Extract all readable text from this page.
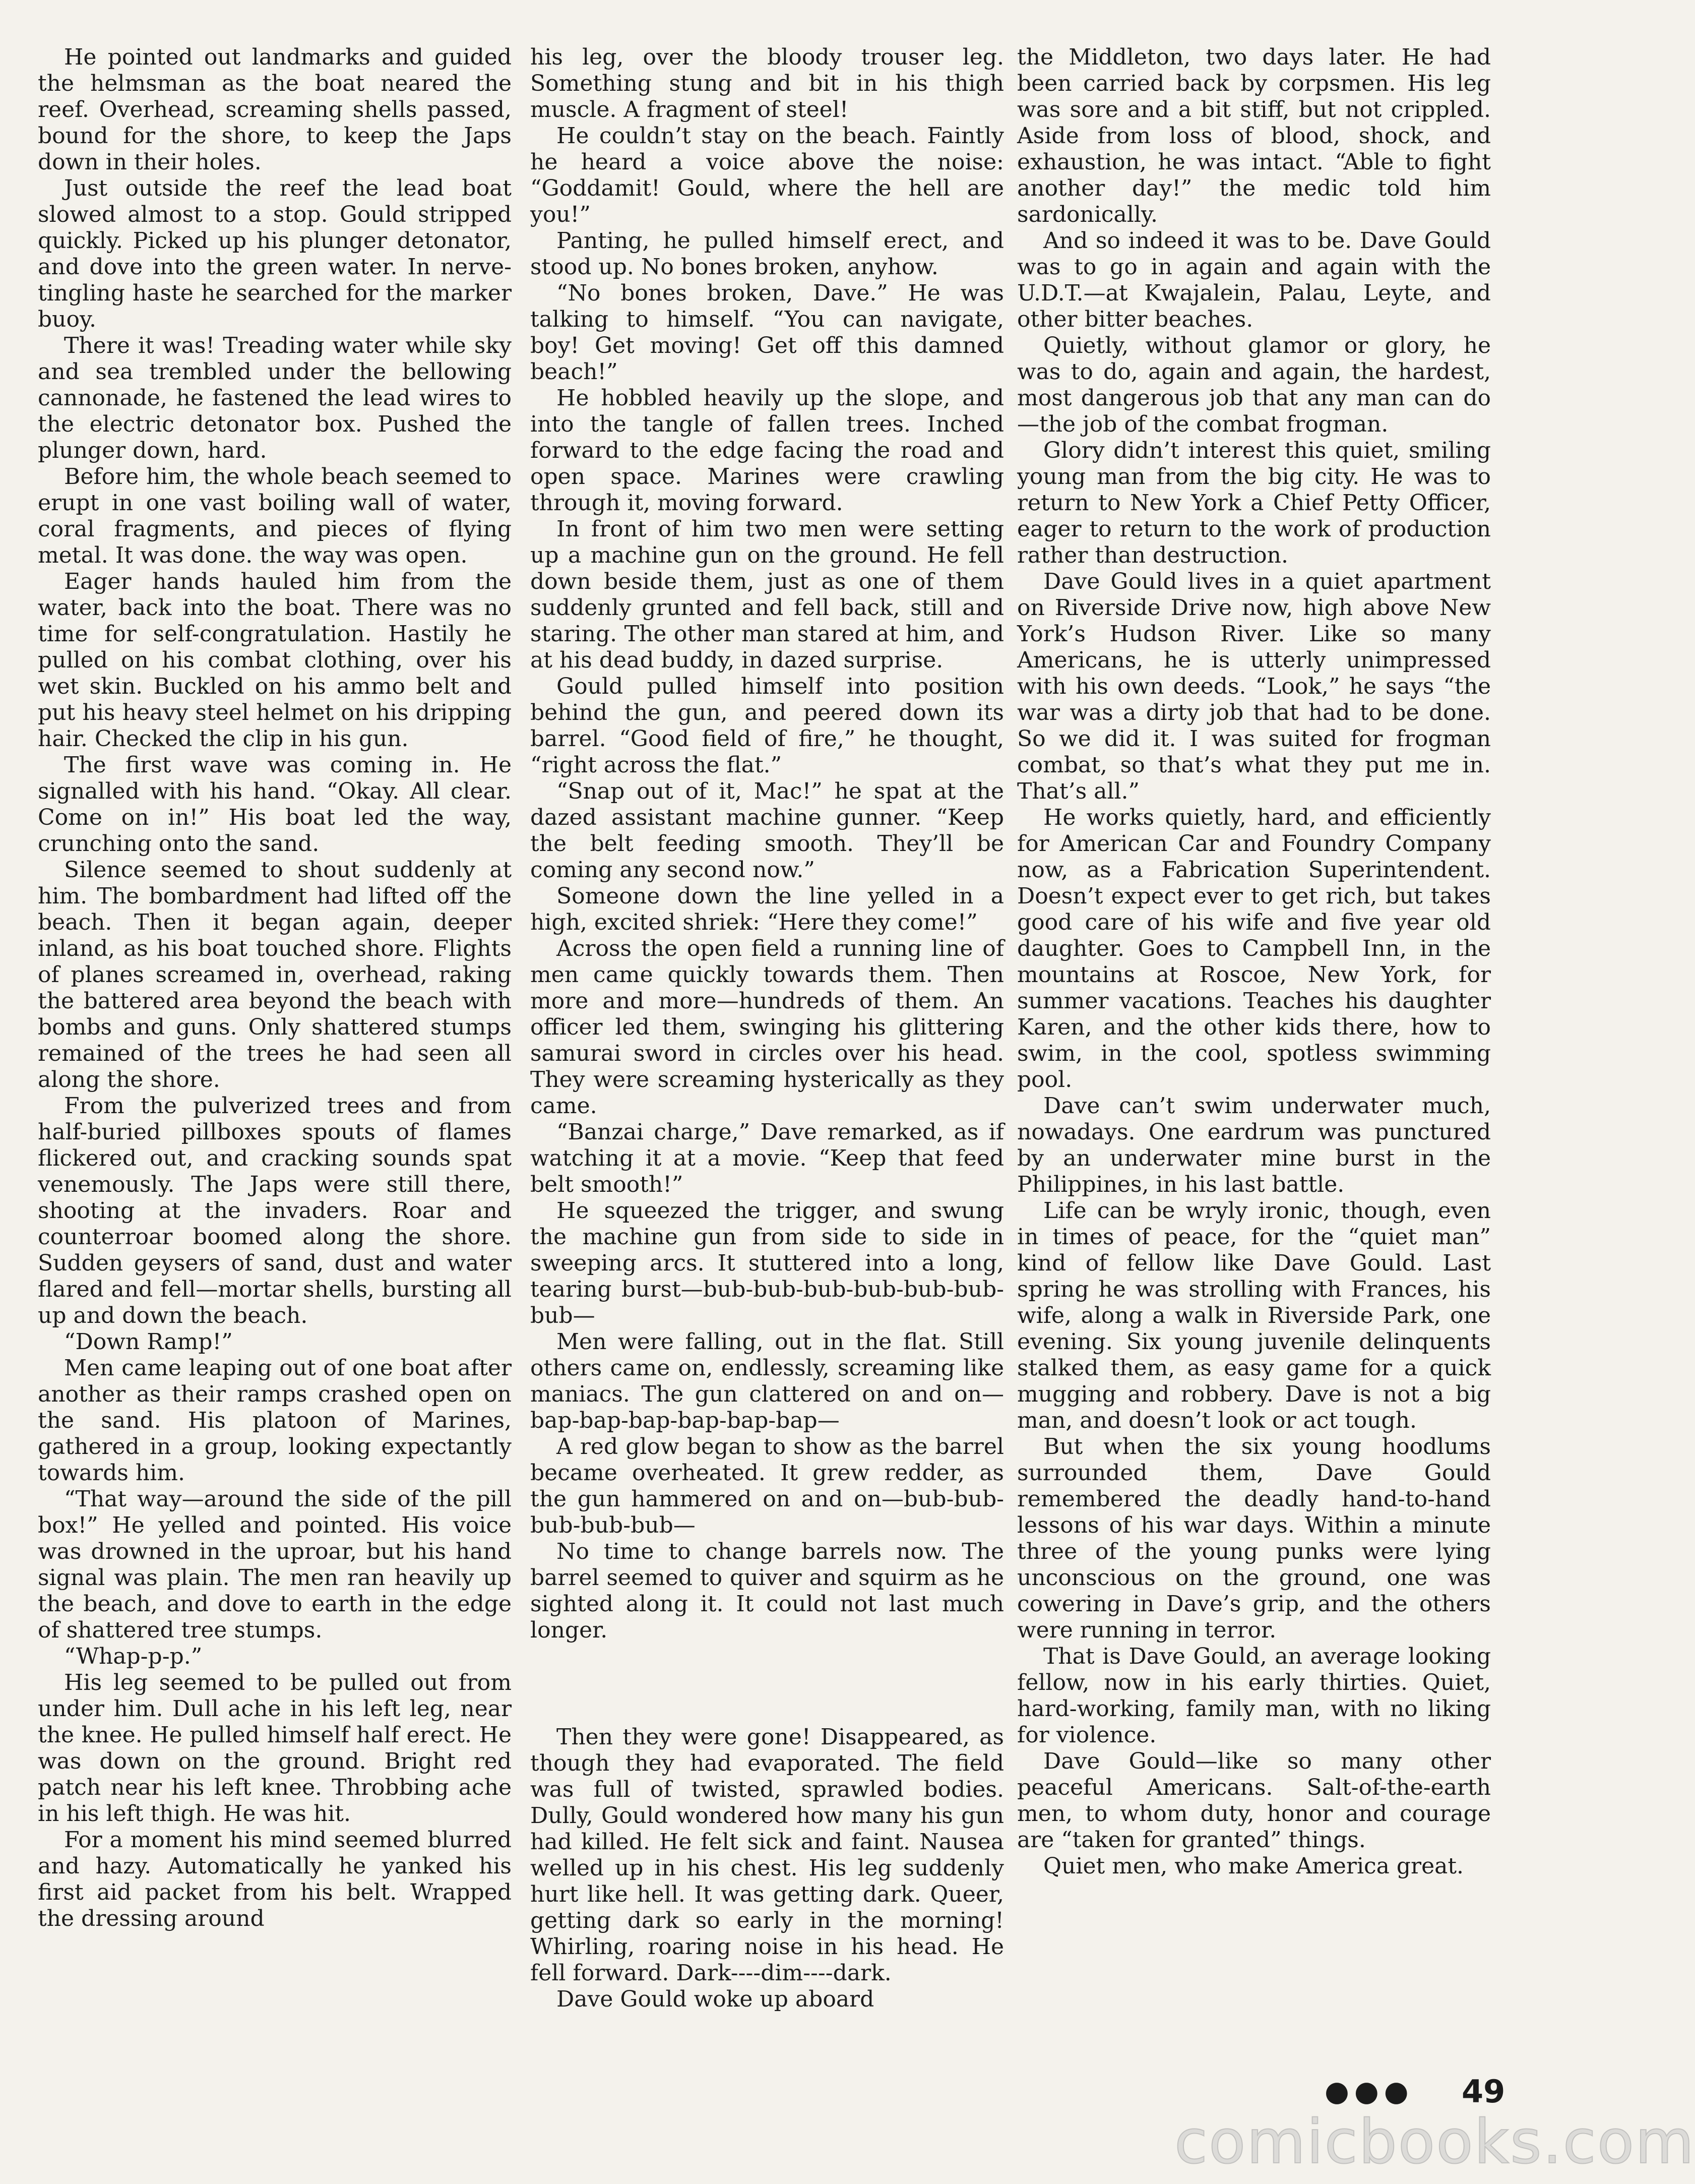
He pointed out landmarks and guided the helmsman as the boat neared the reef. Overhead, screaming shells passed, bound for the shore, to keep the Japs down in their holes.

Just outside the reef the lead boat slowed almost to a stop. Gould stripped quickly. Picked up his plunger detonator, and dove into the green water. In nerve-tingling haste he searched for the marker buoy.

There it was! Treading water while sky and sea trembled under the bellowing cannonade, he fastened the lead wires to the electric detonator box. Pushed the plunger down, hard.

Before him, the whole beach seemed to erupt in one vast boiling wall of water, coral fragments, and pieces of flying metal. It was done. the way was open.

Eager hands hauled him from the water, back into the boat. There was no time for self-congratulation. Hastily he pulled on his combat clothing, over his wet skin. Buckled on his ammo belt and put his heavy steel helmet on his dripping hair. Checked the clip in his gun.

The first wave was coming in. He signalled with his hand. “Okay. All clear. Come on in!” His boat led the way, crunching onto the sand.

Silence seemed to shout suddenly at him. The bombardment had lifted off the beach. Then it began again, deeper inland, as his boat touched shore. Flights of planes screamed in, overhead, raking the battered area beyond the beach with bombs and guns. Only shattered stumps remained of the trees he had seen all along the shore.

From the pulverized trees and from half-buried pillboxes spouts of flames flickered out, and cracking sounds spat venemously. The Japs were still there, shooting at the invaders. Roar and counterroar boomed along the shore. Sudden geysers of sand, dust and water flared and fell—mortar shells, bursting all up and down the beach.

“Down Ramp!”

Men came leaping out of one boat after another as their ramps crashed open on the sand. His platoon of Marines, gathered in a group, looking expectantly towards him.

“That way—around the side of the pill box!” He yelled and pointed. His voice was drowned in the uproar, but his hand signal was plain. The men ran heavily up the beach, and dove to earth in the edge of shattered tree stumps.

“Whap-p-p.”

His leg seemed to be pulled out from under him. Dull ache in his left leg, near the knee. He pulled himself half erect. He was down on the ground. Bright red patch near his left knee. Throbbing ache in his left thigh. He was hit.

For a moment his mind seemed blurred and hazy. Automatically he yanked his first aid packet from his belt. Wrapped the dressing around

his leg, over the bloody trouser leg. Something stung and bit in his thigh muscle. A fragment of steel!

He couldn’t stay on the beach. Faintly he heard a voice above the noise: “Goddamit! Gould, where the hell are you!”

Panting, he pulled himself erect, and stood up. No bones broken, anyhow.

“No bones broken, Dave.” He was talking to himself. “You can navigate, boy! Get moving! Get off this damned beach!”

He hobbled heavily up the slope, and into the tangle of fallen trees. Inched forward to the edge facing the road and open space. Marines were crawling through it, moving forward.

In front of him two men were setting up a machine gun on the ground. He fell down beside them, just as one of them suddenly grunted and fell back, still and staring. The other man stared at him, and at his dead buddy, in dazed surprise.

Gould pulled himself into position behind the gun, and peered down its barrel. “Good field of fire,” he thought, “right across the flat.”

“Snap out of it, Mac!” he spat at the dazed assistant machine gunner. “Keep the belt feeding smooth. They’ll be coming any second now.”

Someone down the line yelled in a high, excited shriek: “Here they come!”

Across the open field a running line of men came quickly towards them. Then more and more—hundreds of them. An officer led them, swinging his glittering samurai sword in circles over his head. They were screaming hysterically as they came.

“Banzai charge,” Dave remarked, as if watching it at a movie. “Keep that feed belt smooth!”

He squeezed the trigger, and swung the machine gun from side to side in sweeping arcs. It stuttered into a long, tearing burst—bub-bub-bub-bub-bub-bub-bub—

Men were falling, out in the flat. Still others came on, endlessly, screaming like maniacs. The gun clattered on and on—bap-bap-bap-bap-bap-bap—

A red glow began to show as the barrel became overheated. It grew redder, as the gun hammered on and on—bub-bub-bub-bub-bub—

No time to change barrels now. The barrel seemed to quiver and squirm as he sighted along it. It could not last much longer.

Then they were gone! Disappeared, as though they had evaporated. The field was full of twisted, sprawled bodies. Dully, Gould wondered how many his gun had killed. He felt sick and faint. Nausea welled up in his chest. His leg suddenly hurt like hell. It was getting dark. Queer, getting dark so early in the morning! Whirling, roaring noise in his head. He fell forward. Dark----dim----dark.

Dave Gould woke up aboard

the Middleton, two days later. He had been carried back by corpsmen. His leg was sore and a bit stiff, but not crippled. Aside from loss of blood, shock, and exhaustion, he was intact. “Able to fight another day!” the medic told him sardonically.

And so indeed it was to be. Dave Gould was to go in again and again with the U.D.T.—at Kwajalein, Palau, Leyte, and other bitter beaches.

Quietly, without glamor or glory, he was to do, again and again, the hardest, most dangerous job that any man can do—the job of the combat frogman.

Glory didn’t interest this quiet, smiling young man from the big city. He was to return to New York a Chief Petty Officer, eager to return to the work of production rather than destruction.

Dave Gould lives in a quiet apartment on Riverside Drive now, high above New York’s Hudson River. Like so many Americans, he is utterly unimpressed with his own deeds. “Look,” he says “the war was a dirty job that had to be done. So we did it. I was suited for frogman combat, so that’s what they put me in. That’s all.”

He works quietly, hard, and efficiently for American Car and Foundry Company now, as a Fabrication Superintendent. Doesn’t expect ever to get rich, but takes good care of his wife and five year old daughter. Goes to Campbell Inn, in the mountains at Roscoe, New York, for summer vacations. Teaches his daughter Karen, and the other kids there, how to swim, in the cool, spotless swimming pool.

Dave can’t swim underwater much, nowadays. One eardrum was punctured by an underwater mine burst in the Philippines, in his last battle.

Life can be wryly ironic, though, even in times of peace, for the “quiet man” kind of fellow like Dave Gould. Last spring he was strolling with Frances, his wife, along a walk in Riverside Park, one evening. Six young juvenile delinquents stalked them, as easy game for a quick mugging and robbery. Dave is not a big man, and doesn’t look or act tough.

But when the six young hoodlums surrounded them, Dave Gould remembered the deadly hand-to-hand lessons of his war days. Within a minute three of the young punks were lying unconscious on the ground, one was cowering in Dave’s grip, and the others were running in terror.

That is Dave Gould, an average looking fellow, now in his early thirties. Quiet, hard-working, family man, with no liking for violence.

Dave Gould—like so many other peaceful Americans. Salt-of-the-earth men, to whom duty, honor and courage are “taken for granted” things.

Quiet men, who make America great.

●●● 49
comicbooks.com
